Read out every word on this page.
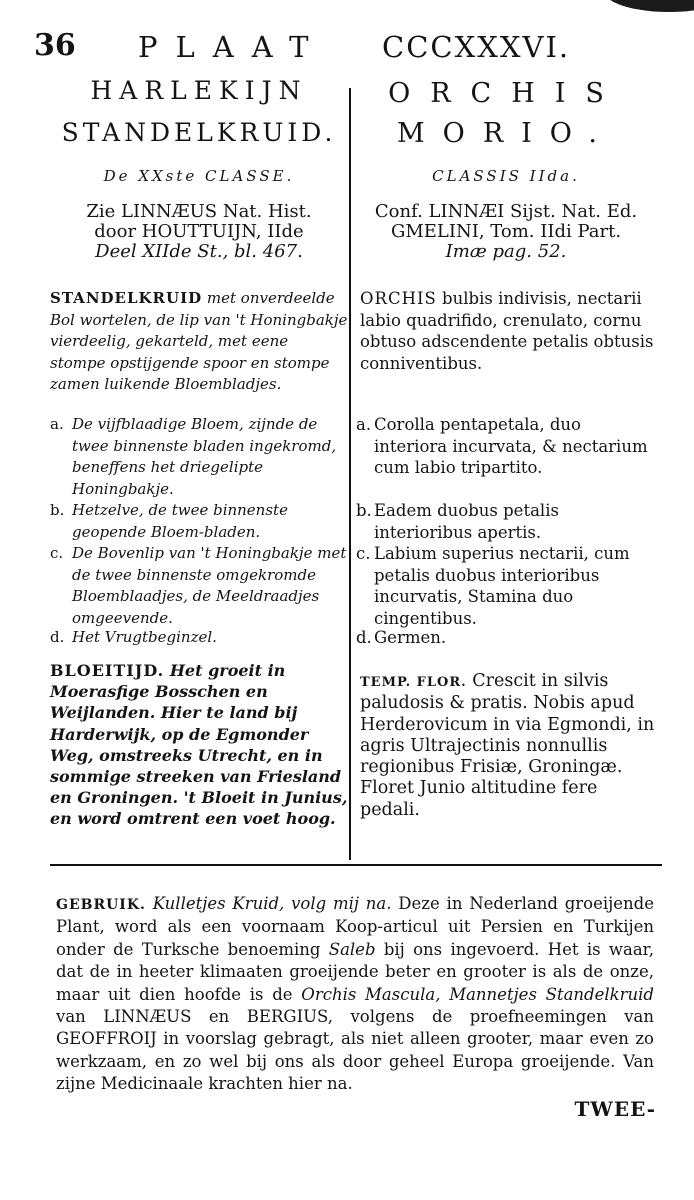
36 PLAAT CCCXXXVI.

HARLEKIJN

STANDELKRUID.

De XXste CLASSE.

Zie LINNÆUS Nat. Hist.
door HOUTTUIJN, IIde
Deel XIIde St., bl. 467.
STANDELKRUID met onverdeelde Bol wortelen, de lip van 't Honingbakje vierdeelig, gekarteld, met eene stompe opstijgende spoor en stompe zamen luikende Bloembladjes.
a. De vijfblaadige Bloem, zijnde de twee binnenste bladen ingekromd, beneffens het driegelipte Honingbakje.
b. Hetzelve, de twee binnenste geopende Bloem-bladen.
c. De Bovenlip van 't Honingbakje met de twee binnenste omgekromde Bloemblaadjes, de Meeldraadjes omgeevende.
d. Het Vrugtbeginzel.
BLOEITIJD. Het groeit in Moerasfige Bosschen en Weijlanden. Hier te land bij Harderwijk, op de Egmonder Weg, omstreeks Utrecht, en in sommige streeken van Friesland en Groningen. 't Bloeit in Junius, en word omtrent een voet hoog.

ORCHIS

MORIO.

CLASSIS IIda.

Conf. LINNÆI Sijst. Nat. Ed.
GMELINI, Tom. IIdi Part.
Imæ pag. 52.
ORCHIS bulbis indivisis, nectarii labio quadrifido, crenulato, cornu obtuso adscendente petalis obtusis conniventibus.
a. Corolla pentapetala, duo interiora incurvata, & nectarium cum labio tripartito.
b. Eadem duobus petalis interioribus apertis.
c. Labium superius nectarii, cum petalis duobus interioribus incurvatis, Stamina duo cingentibus.
d. Germen.
TEMP. FLOR. Crescit in silvis paludosis & pratis. Nobis apud Herderovicum in via Egmondi, in agris Ultrajectinis nonnullis regionibus Frisiæ, Groningæ. Floret Junio altitudine fere pedali.
GEBRUIK. Kulletjes Kruid, volg mij na. Deze in Nederland groeijende Plant, word als een voornaam Koop-articul uit Persien en Turkijen onder de Turksche benoeming Saleb bij ons ingevoerd. Het is waar, dat de in heeter klimaaten groeijende beter en grooter is als de onze, maar uit dien hoofde is de Orchis Mascula, Mannetjes Standelkruid van LINNÆUS en BERGIUS, volgens de proefneemingen van GEOFFROIJ in voorslag gebragt, als niet alleen grooter, maar even zo werkzaam, en zo wel bij ons als door geheel Europa groeijende. Van zijne Medicinaale krachten hier na.
TWEE-
